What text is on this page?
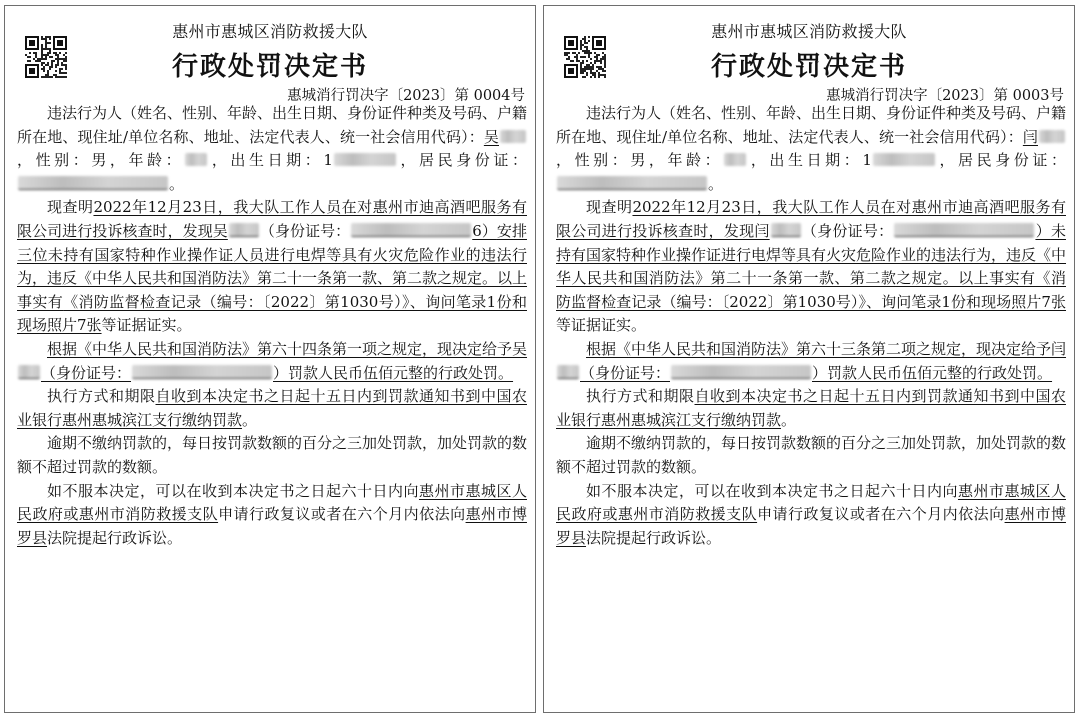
惠州市惠城区消防救援大队
行政处罚决定书
惠城消行罚决字〔2023〕第 0004号

违法行为人（姓名、性别、年龄、出生日期、身份证件种类及号码、户籍所在地、现住址/单位名称、地址、法定代表人、统一社会信用代码）：吴，性别：男，年龄： ，出生日期：1	，居民身份证：。

现查明2022年12月23日，我大队工作人员在对惠州市迪高酒吧服务有限公司进行投诉核查时，发现吴 （身份证号：	6）安排三位未持有国家特种作业操作证人员进行电焊等具有火灾危险作业的违法行为，违反《中华人民共和国消防法》第二十一条第一款、第二款之规定。以上事实有《消防监督检查记录（编号：〔2022〕第1030号）》、询问笔录1份和现场照片7张等证据证实。

根据《中华人民共和国消防法》第六十四条第一项之规定，现决定给予吴（身份证号：	）罚款人民币伍佰元整的行政处罚。

执行方式和期限自收到本决定书之日起十五日内到罚款通知书到中国农业银行惠州惠城滨江支行缴纳罚款。

逾期不缴纳罚款的，每日按罚款数额的百分之三加处罚款，加处罚款的数额不超过罚款的数额。

如不服本决定，可以在收到本决定书之日起六十日内向惠州市惠城区人民政府或惠州市消防救援支队申请行政复议或者在六个月内依法向惠州市博罗县法院提起行政诉讼。

惠州市惠城区消防救援大队
行政处罚决定书
惠城消行罚决字〔2023〕第 0003号

违法行为人（姓名、性别、年龄、出生日期、身份证件种类及号码、户籍所在地、现住址/单位名称、地址、法定代表人、统一社会信用代码）：闫，性别：男，年龄： ，出生日期：1	，居民身份证：。

现查明2022年12月23日，我大队工作人员在对惠州市迪高酒吧服务有限公司进行投诉核查时，发现闫 （身份证号：	）未持有国家特种作业操作证进行电焊等具有火灾危险作业的违法行为，违反《中华人民共和国消防法》第二十一条第一款、第二款之规定。以上事实有《消防监督检查记录（编号：〔2022〕第1030号）》、询问笔录1份和现场照片7张等证据证实。

根据《中华人民共和国消防法》第六十三条第二项之规定，现决定给予闫（身份证号：	）罚款人民币伍佰元整的行政处罚。

执行方式和期限自收到本决定书之日起十五日内到罚款通知书到中国农业银行惠州惠城滨江支行缴纳罚款。

逾期不缴纳罚款的，每日按罚款数额的百分之三加处罚款，加处罚款的数额不超过罚款的数额。

如不服本决定，可以在收到本决定书之日起六十日内向惠州市惠城区人民政府或惠州市消防救援支队申请行政复议或者在六个月内依法向惠州市博罗县法院提起行政诉讼。
